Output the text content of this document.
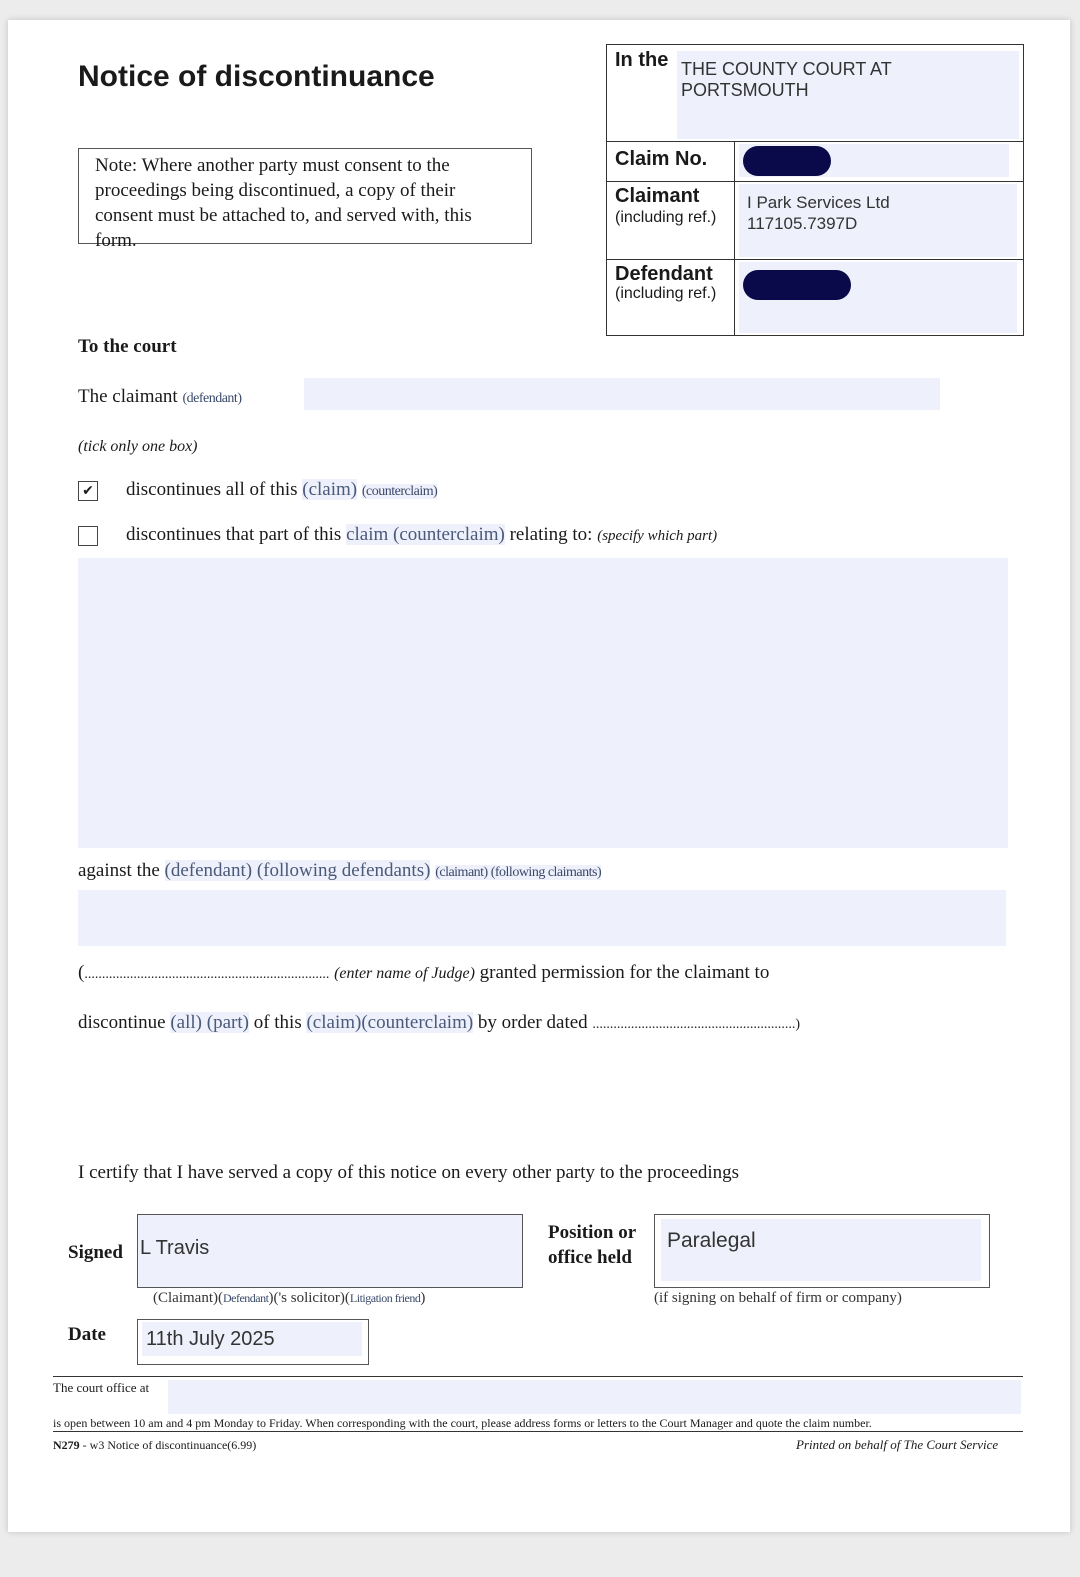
Notice of discontinuance
Note: Where another party must consent to the proceedings being discontinued, a copy of their consent must be attached to, and served with, this form.
In the THE COUNTY COURT AT
PORTSMOUTH
Claim No.
Claimant
(including ref.)
I Park Services Ltd
117105.7397D
Defendant
(including ref.)
To the court
The claimant (defendant)
(tick only one box)
✔ discontinues all of this (claim) (counterclaim)
discontinues that part of this claim (counterclaim) relating to: (specify which part)
against the (defendant) (following defendants) (claimant) (following claimants)
(...................................................................... (enter name of Judge) granted permission for the claimant to
discontinue (all) (part) of this (claim)(counterclaim) by order dated ..........................................................)
I certify that I have served a copy of this notice on every other party to the proceedings
Signed L Travis
Position or
office held
Paralegal
(Claimant)(Defendant)('s solicitor)(Litigation friend)	(if signing on behalf of firm or company)
Date 11th July 2025
The court office at
is open between 10 am and 4 pm Monday to Friday. When corresponding with the court, please address forms or letters to the Court Manager and quote the claim number.
N279 - w3 Notice of discontinuance(6.99)	Printed on behalf of The Court Service
